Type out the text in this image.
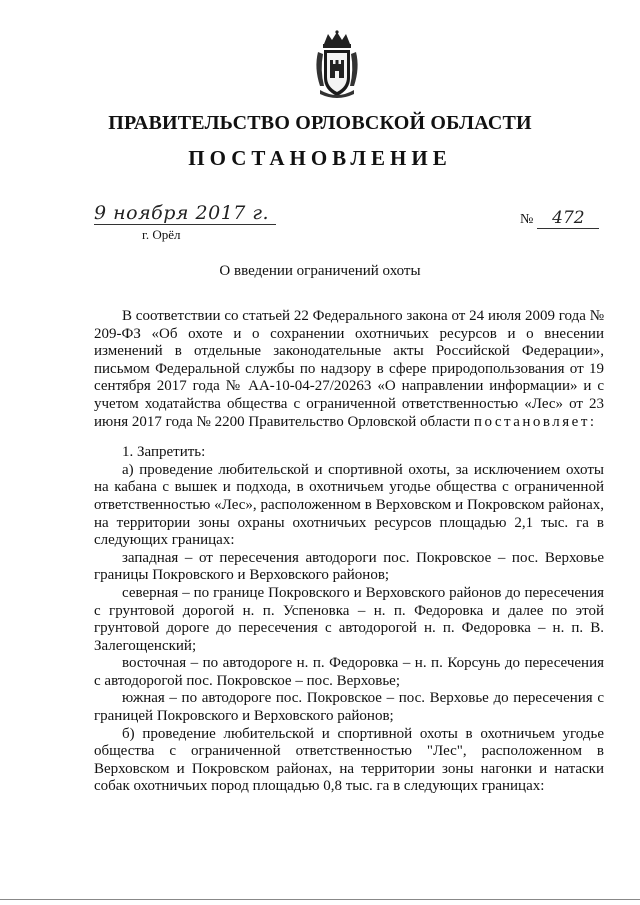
ПРАВИТЕЛЬСТВО ОРЛОВСКОЙ ОБЛАСТИ
ПОСТАНОВЛЕНИЕ
9 ноября 2017 г.
г. Орёл
№ 472
О введении ограничений охоты

В соответствии со статьей 22 Федерального закона от 24 июля 2009 года № 209-ФЗ «Об охоте и о сохранении охотничьих ресурсов и о внесении изменений в отдельные законодательные акты Российской Федерации», письмом Федеральной службы по надзору в сфере природопользования от 19 сентября 2017 года № АА-10-04-27/20263 «О направлении информации» и с учетом ходатайства общества с ограниченной ответственностью «Лес» от 23 июня 2017 года № 2200 Правительство Орловской области постановляет:

1. Запретить:

а) проведение любительской и спортивной охоты, за исключением охоты на кабана с вышек и подхода, в охотничьем угодье общества с ограниченной ответственностью «Лес», расположенном в Верховском и Покровском районах, на территории зоны охраны охотничьих ресурсов площадью 2,1 тыс. га в следующих границах:

западная – от пересечения автодороги пос. Покровское – пос. Верховье границы Покровского и Верховского районов;

северная – по границе Покровского и Верховского районов до пересечения с грунтовой дорогой н. п. Успеновка – н. п. Федоровка и далее по этой грунтовой дороге до пересечения с автодорогой н. п. Федоровка – н. п. В. Залегощенский;

восточная – по автодороге н. п. Федоровка – н. п. Корсунь до пересечения с автодорогой пос. Покровское – пос. Верховье;

южная – по автодороге пос. Покровское – пос. Верховье до пересечения с границей Покровского и Верховского районов;

б) проведение любительской и спортивной охоты в охотничьем угодье общества с ограниченной ответственностью "Лес", расположенном в Верховском и Покровском районах, на территории зоны нагонки и натаски собак охотничьих пород площадью 0,8 тыс. га в следующих границах:
